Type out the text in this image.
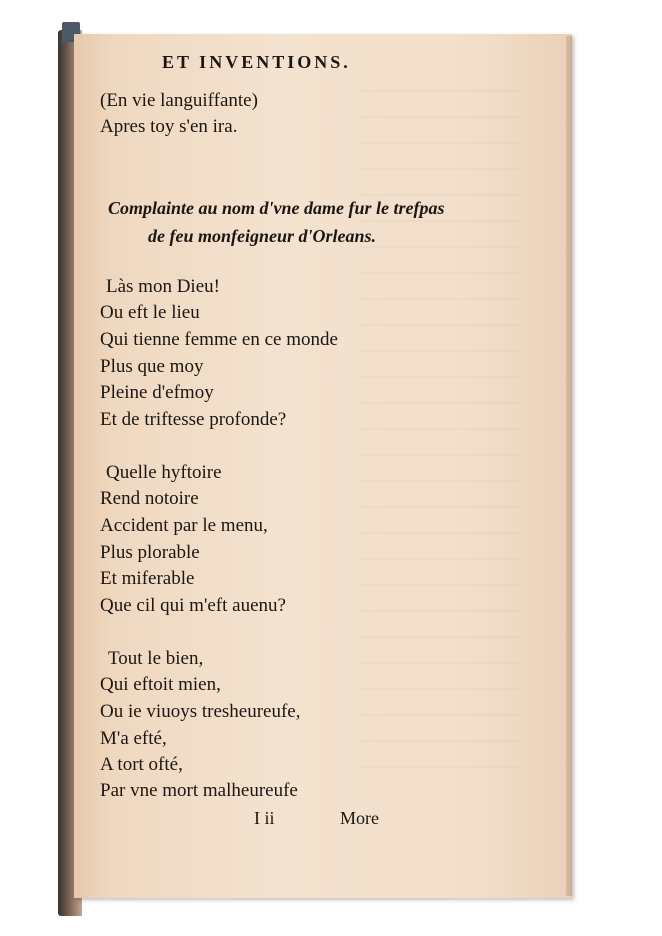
ET INVENTIONS.
(En vie languiffante)
Apres toy s'en ira.
Complainte au nom d'vne dame fur le trefpas
de feu monfeigneur d'Orleans.
Làs mon Dieu!
Ou eft le lieu
Qui tienne femme en ce monde
Plus que moy
Pleine d'efmoy
Et de triftesse profonde?
Quelle hyftoire
Rend notoire
Accident par le menu,
Plus plorable
Et miferable
Que cil qui m'eft auenu?
Tout le bien,
Qui eftoit mien,
Ou ie viuoys tresheureufe,
M'a efté,
A tort ofté,
Par vne mort malheureufe
I ii	More
